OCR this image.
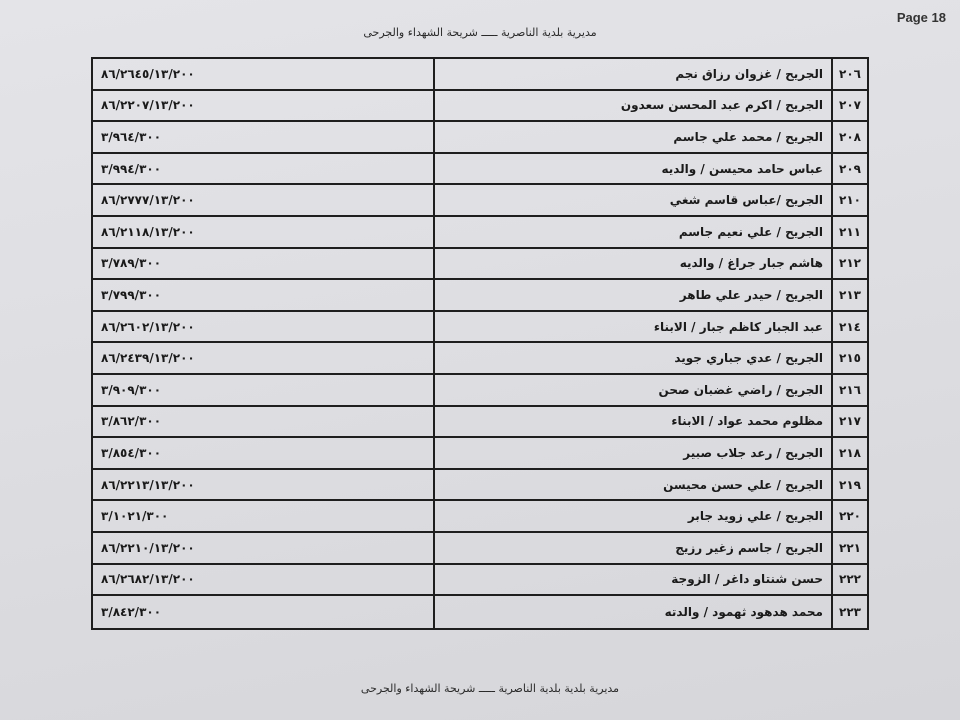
Page 18
مديرية بلدية الناصرية ـــــ شريحة الشهداء والجرحى
٢٠٦
الجريح / غزوان رزاق نجم
٨٦/٢٦٤٥/١٣/٢٠٠
٢٠٧
الجريح / اكرم عبد المحسن سعدون
٨٦/٢٢٠٧/١٣/٢٠٠
٢٠٨
الجريح / محمد علي جاسم
٣/٩٦٤/٣٠٠
٢٠٩
عباس حامد محيسن / والديه
٣/٩٩٤/٣٠٠
٢١٠
الجريح /عباس قاسم شغي
٨٦/٢٧٧٧/١٣/٢٠٠
٢١١
الجريح / علي نعيم جاسم
٨٦/٢١١٨/١٣/٢٠٠
٢١٢
هاشم جبار جراغ / والديه
٣/٧٨٩/٣٠٠
٢١٣
الجريح / حيدر علي طاهر
٣/٧٩٩/٣٠٠
٢١٤
عبد الجبار كاظم جبار / الابناء
٨٦/٢٦٠٢/١٣/٢٠٠
٢١٥
الجريح / عدي جباري جويد
٨٦/٢٤٣٩/١٣/٢٠٠
٢١٦
الجريح / راضي غضبان صحن
٣/٩٠٩/٣٠٠
٢١٧
مظلوم محمد عواد / الابناء
٣/٨٦٢/٣٠٠
٢١٨
الجريح / رعد جلاب صبير
٣/٨٥٤/٣٠٠
٢١٩
الجريح / علي حسن محيسن
٨٦/٢٢١٣/١٣/٢٠٠
٢٢٠
الجريح / علي زويد جابر
٣/١٠٢١/٣٠٠
٢٢١
الجريح / جاسم زغير رزيج
٨٦/٢٢١٠/١٣/٢٠٠
٢٢٢
حسن شنتاو داغر / الزوجة
٨٦/٢٦٨٢/١٣/٢٠٠
٢٢٣
محمد هدهود ثهمود / والدته
٣/٨٤٢/٣٠٠
مديرية بلدية بلدية الناصرية ـــــ شريحة الشهداء والجرحى
